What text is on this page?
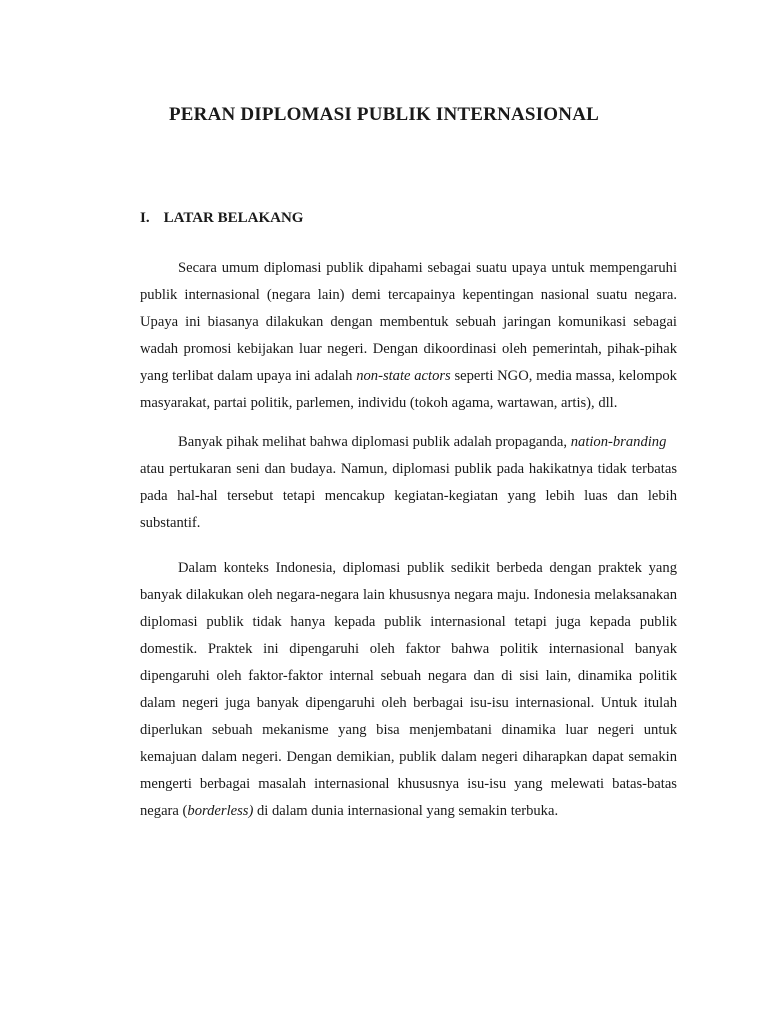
PERAN DIPLOMASI PUBLIK INTERNASIONAL
I. LATAR BELAKANG
Secara umum diplomasi publik dipahami sebagai suatu upaya untuk mempengaruhi
publik internasional (negara lain) demi tercapainya kepentingan nasional suatu negara.
Upaya ini biasanya dilakukan dengan membentuk sebuah jaringan komunikasi sebagai
wadah promosi kebijakan luar negeri. Dengan dikoordinasi oleh pemerintah, pihak-pihak
yang terlibat dalam upaya ini adalah non-state actors seperti NGO, media massa, kelompok
masyarakat, partai politik, parlemen, individu (tokoh agama, wartawan, artis), dll.
Banyak pihak melihat bahwa diplomasi publik adalah propaganda, nation-branding
atau pertukaran seni dan budaya. Namun, diplomasi publik pada hakikatnya tidak terbatas
pada hal-hal tersebut tetapi mencakup kegiatan-kegiatan yang lebih luas dan lebih
substantif.
Dalam konteks Indonesia, diplomasi publik sedikit berbeda dengan praktek yang
banyak dilakukan oleh negara-negara lain khususnya negara maju. Indonesia melaksanakan
diplomasi publik tidak hanya kepada publik internasional tetapi juga kepada publik
domestik. Praktek ini dipengaruhi oleh faktor bahwa politik internasional banyak
dipengaruhi oleh faktor-faktor internal sebuah negara dan di sisi lain, dinamika politik
dalam negeri juga banyak dipengaruhi oleh berbagai isu-isu internasional. Untuk itulah
diperlukan sebuah mekanisme yang bisa menjembatani dinamika luar negeri untuk
kemajuan dalam negeri. Dengan demikian, publik dalam negeri diharapkan dapat semakin
mengerti berbagai masalah internasional khususnya isu-isu yang melewati batas-batas
negara (borderless) di dalam dunia internasional yang semakin terbuka.
